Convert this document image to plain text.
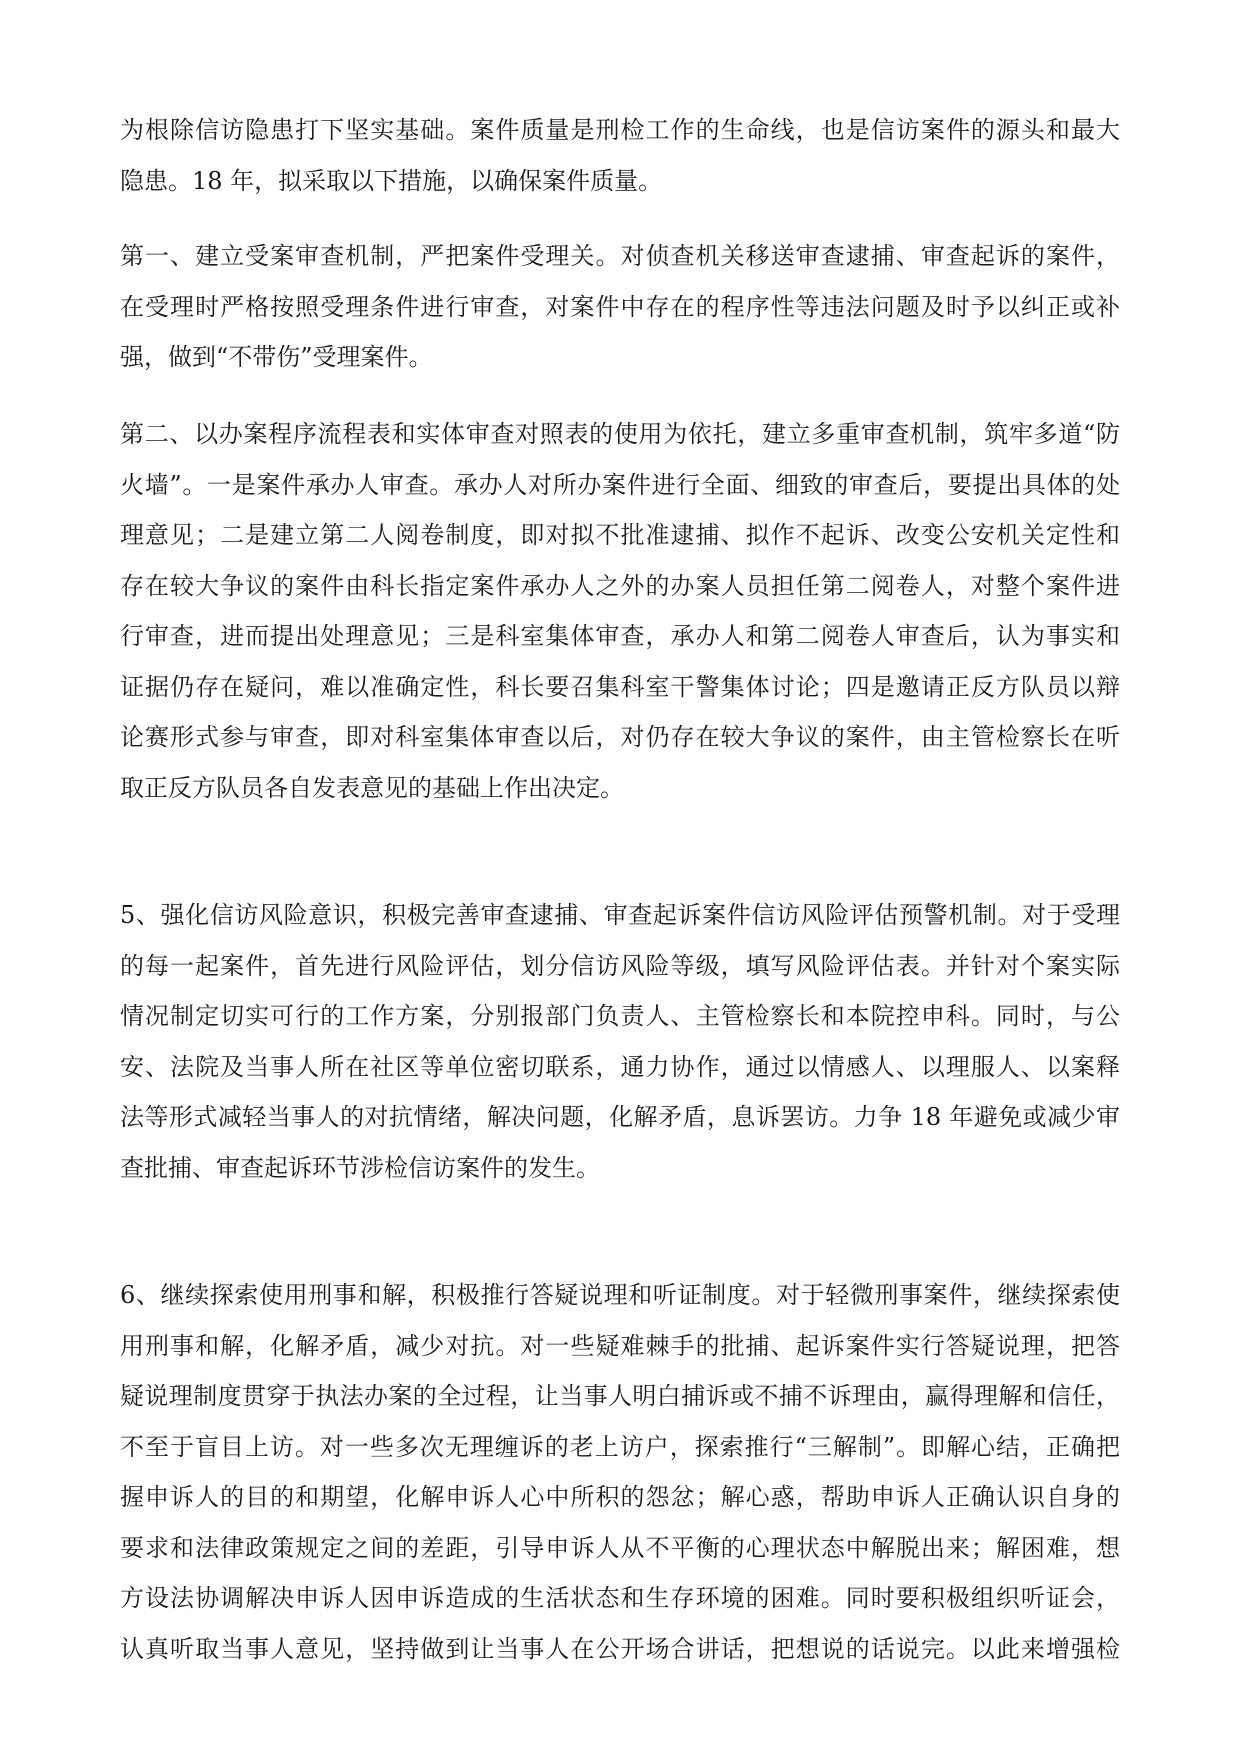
为根除信访隐患打下坚实基础。案件质量是刑检工作的生命线，也是信访案件的源头和最大
隐患。18 年，拟采取以下措施，以确保案件质量。
第一、建立受案审查机制，严把案件受理关。对侦查机关移送审查逮捕、审查起诉的案件，
在受理时严格按照受理条件进行审查，对案件中存在的程序性等违法问题及时予以纠正或补
强，做到“不带伤”受理案件。
第二、以办案程序流程表和实体审查对照表的使用为依托，建立多重审查机制，筑牢多道“防
火墙”。一是案件承办人审查。承办人对所办案件进行全面、细致的审查后，要提出具体的处
理意见；二是建立第二人阅卷制度，即对拟不批准逮捕、拟作不起诉、改变公安机关定性和
存在较大争议的案件由科长指定案件承办人之外的办案人员担任第二阅卷人，对整个案件进
行审查，进而提出处理意见；三是科室集体审查，承办人和第二阅卷人审查后，认为事实和
证据仍存在疑问，难以准确定性，科长要召集科室干警集体讨论；四是邀请正反方队员以辩
论赛形式参与审查，即对科室集体审查以后，对仍存在较大争议的案件，由主管检察长在听
取正反方队员各自发表意见的基础上作出决定。
5、强化信访风险意识，积极完善审查逮捕、审查起诉案件信访风险评估预警机制。对于受理
的每一起案件，首先进行风险评估，划分信访风险等级，填写风险评估表。并针对个案实际
情况制定切实可行的工作方案，分别报部门负责人、主管检察长和本院控申科。同时，与公
安、法院及当事人所在社区等单位密切联系，通力协作，通过以情感人、以理服人、以案释
法等形式减轻当事人的对抗情绪，解决问题，化解矛盾，息诉罢访。力争 18 年避免或减少审
查批捕、审查起诉环节涉检信访案件的发生。
6、继续探索使用刑事和解，积极推行答疑说理和听证制度。对于轻微刑事案件，继续探索使
用刑事和解，化解矛盾，减少对抗。对一些疑难棘手的批捕、起诉案件实行答疑说理，把答
疑说理制度贯穿于执法办案的全过程，让当事人明白捕诉或不捕不诉理由，赢得理解和信任，
不至于盲目上访。对一些多次无理缠诉的老上访户，探索推行“三解制”。即解心结，正确把
握申诉人的目的和期望，化解申诉人心中所积的怨忿；解心惑，帮助申诉人正确认识自身的
要求和法律政策规定之间的差距，引导申诉人从不平衡的心理状态中解脱出来；解困难，想
方设法协调解决申诉人因申诉造成的生活状态和生存环境的困难。同时要积极组织听证会，
认真听取当事人意见，坚持做到让当事人在公开场合讲话，把想说的话说完。以此来增强检
